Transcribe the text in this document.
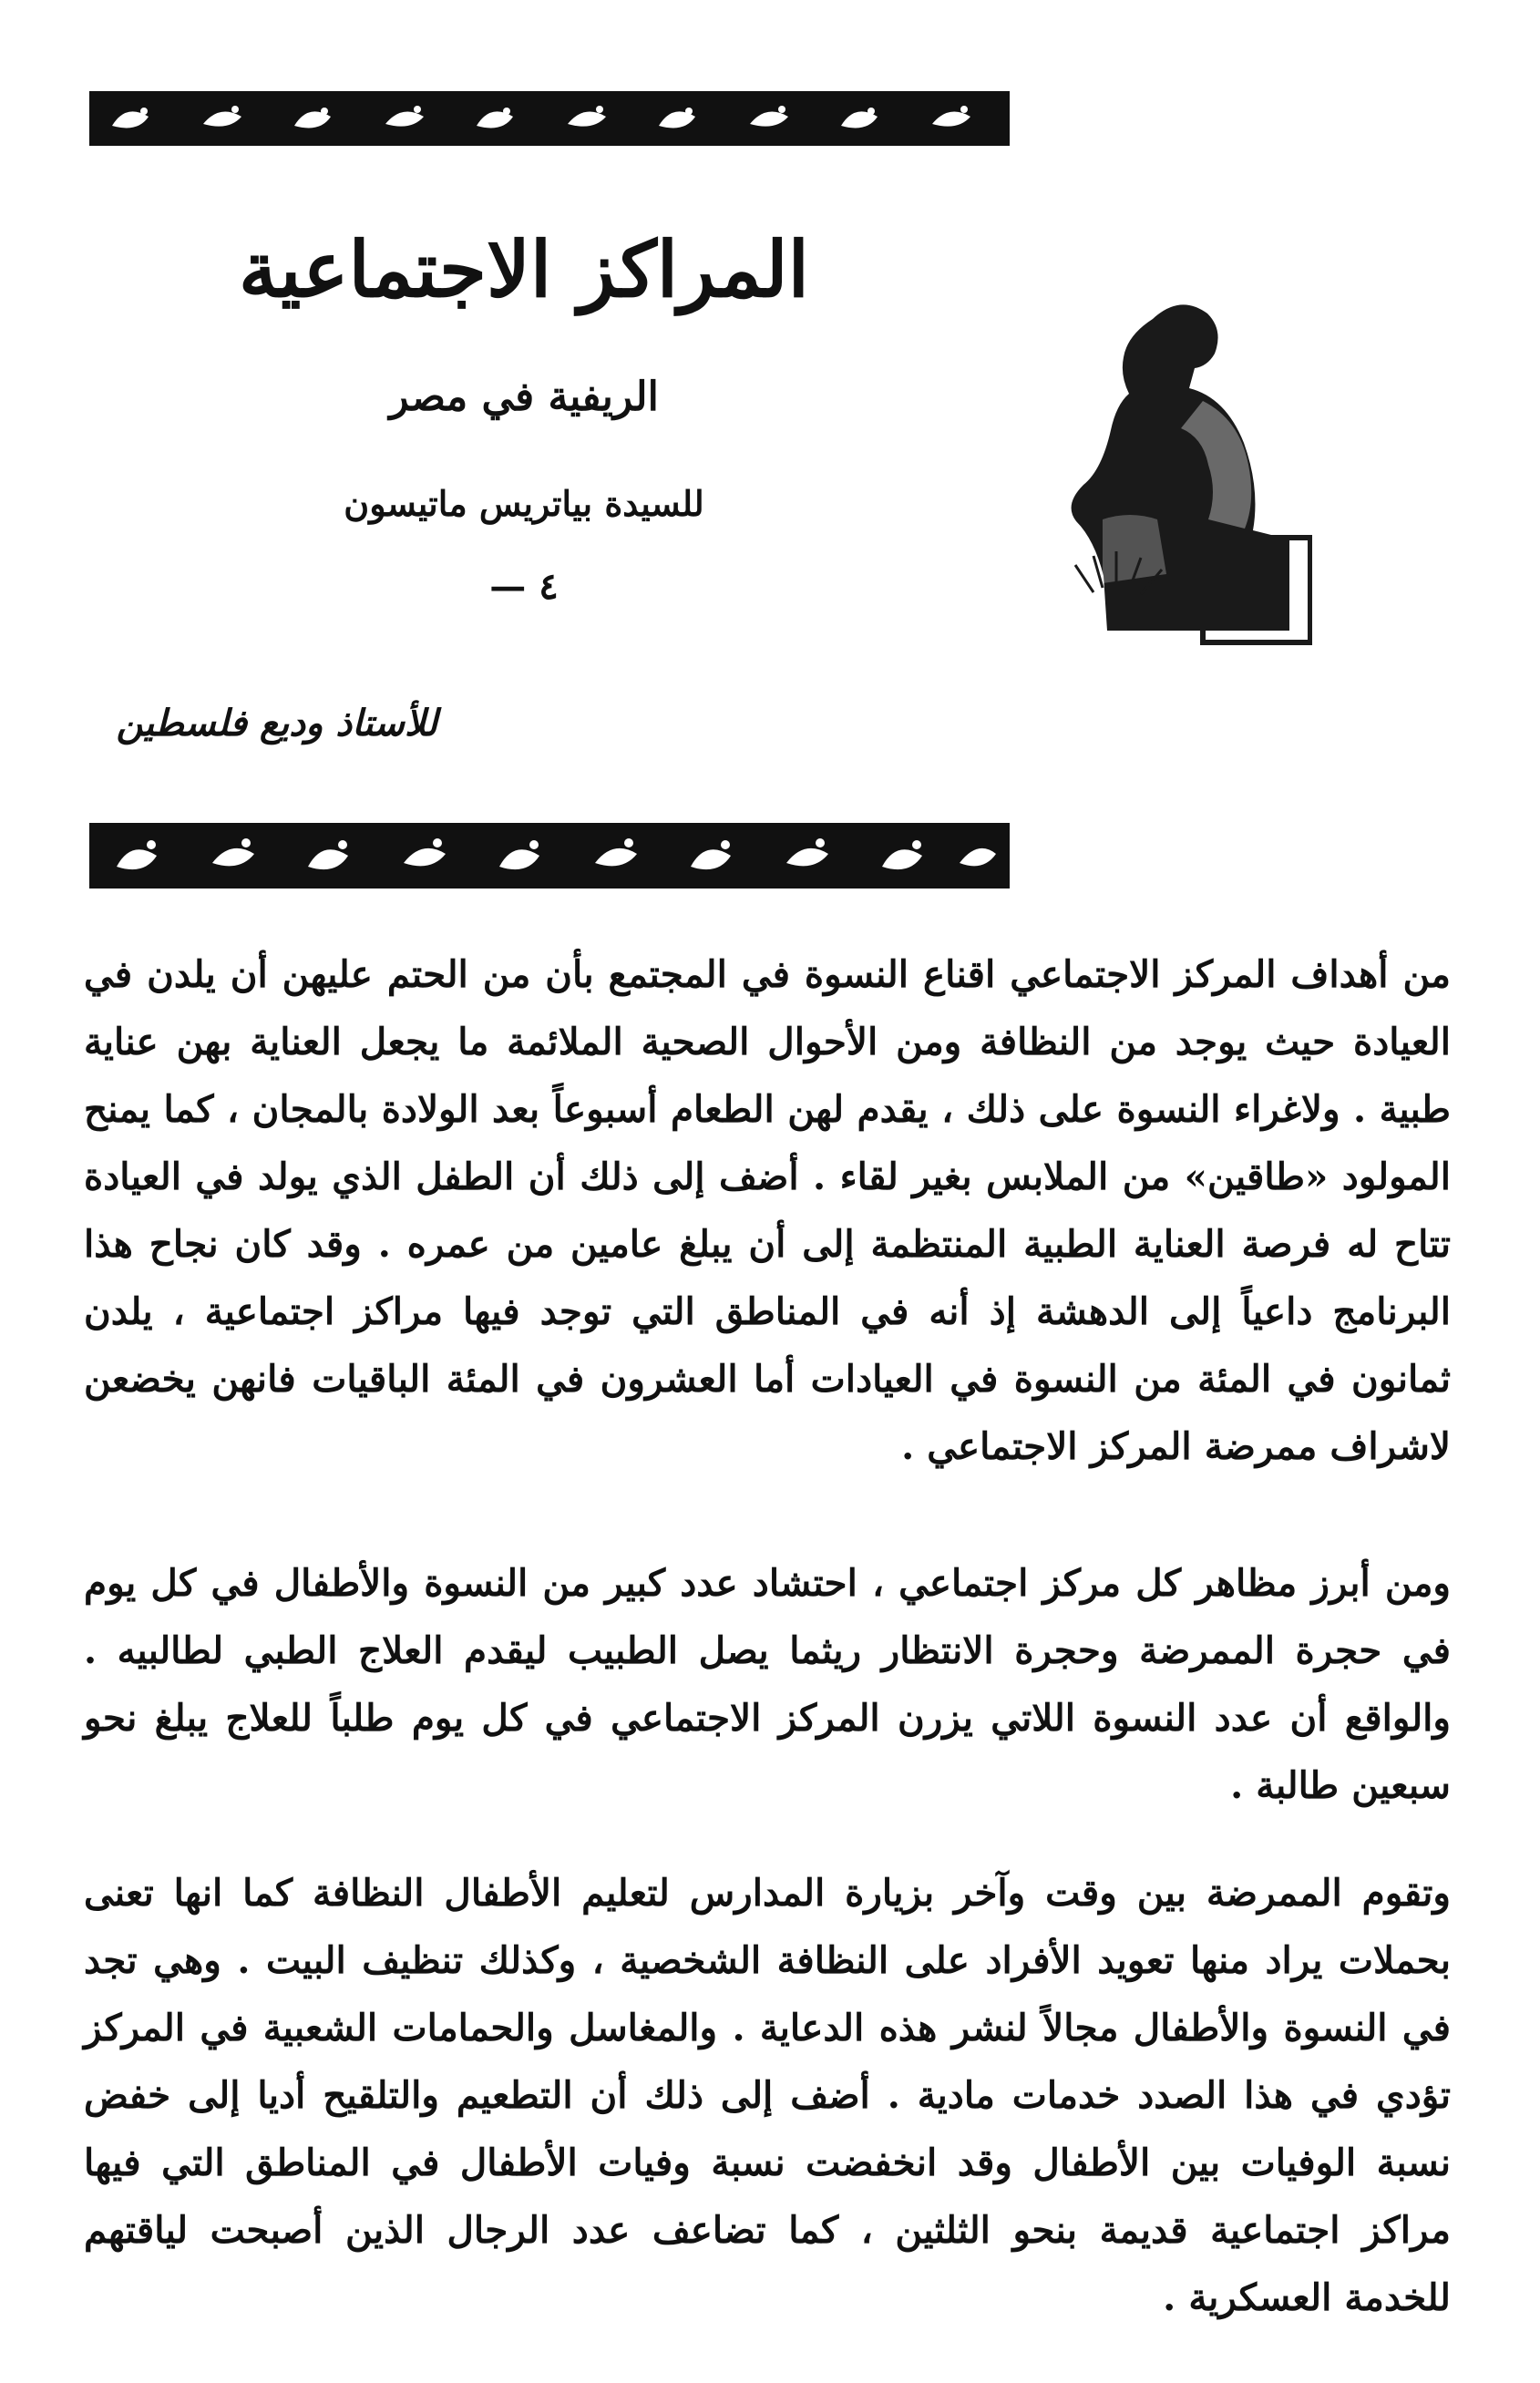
المراكز الاجتماعية
الريفية في مصر
للسيدة بياتريس ماتيسون
٤ —
للأستاذ وديع فلسطين

من أهداف المركز الاجتماعي اقناع النسوة في المجتمع بأن من الحتم عليهن أن يلدن في العيادة حيث يوجد من النظافة ومن الأحوال الصحية الملائمة ما يجعل العناية بهن عناية طبية . ولاغراء النسوة على ذلك ، يقدم لهن الطعام أسبوعاً بعد الولادة بالمجان ، كما يمنح المولود «طاقين» من الملابس بغير لقاء . أضف إلى ذلك أن الطفل الذي يولد في العيادة تتاح له فرصة العناية الطبية المنتظمة إلى أن يبلغ عامين من عمره . وقد كان نجاح هذا البرنامج داعياً إلى الدهشة إذ أنه في المناطق التي توجد فيها مراكز اجتماعية ، يلدن ثمانون في المئة من النسوة في العيادات أما العشرون في المئة الباقيات فانهن يخضعن لاشراف ممرضة المركز الاجتماعي .

ومن أبرز مظاهر كل مركز اجتماعي ، احتشاد عدد كبير من النسوة والأطفال في كل يوم في حجرة الممرضة وحجرة الانتظار ريثما يصل الطبيب ليقدم العلاج الطبي لطالبيه . والواقع أن عدد النسوة اللاتي يزرن المركز الاجتماعي في كل يوم طلباً للعلاج يبلغ نحو سبعين طالبة .

وتقوم الممرضة بين وقت وآخر بزيارة المدارس لتعليم الأطفال النظافة كما انها تعنى بحملات يراد منها تعويد الأفراد على النظافة الشخصية ، وكذلك تنظيف البيت . وهي تجد في النسوة والأطفال مجالاً لنشر هذه الدعاية . والمغاسل والحمامات الشعبية في المركز تؤدي في هذا الصدد خدمات مادية . أضف إلى ذلك أن التطعيم والتلقيح أديا إلى خفض نسبة الوفيات بين الأطفال وقد انخفضت نسبة وفيات الأطفال في المناطق التي فيها مراكز اجتماعية قديمة بنحو الثلثين ، كما تضاعف عدد الرجال الذين أصبحت لياقتهم للخدمة العسكرية .
